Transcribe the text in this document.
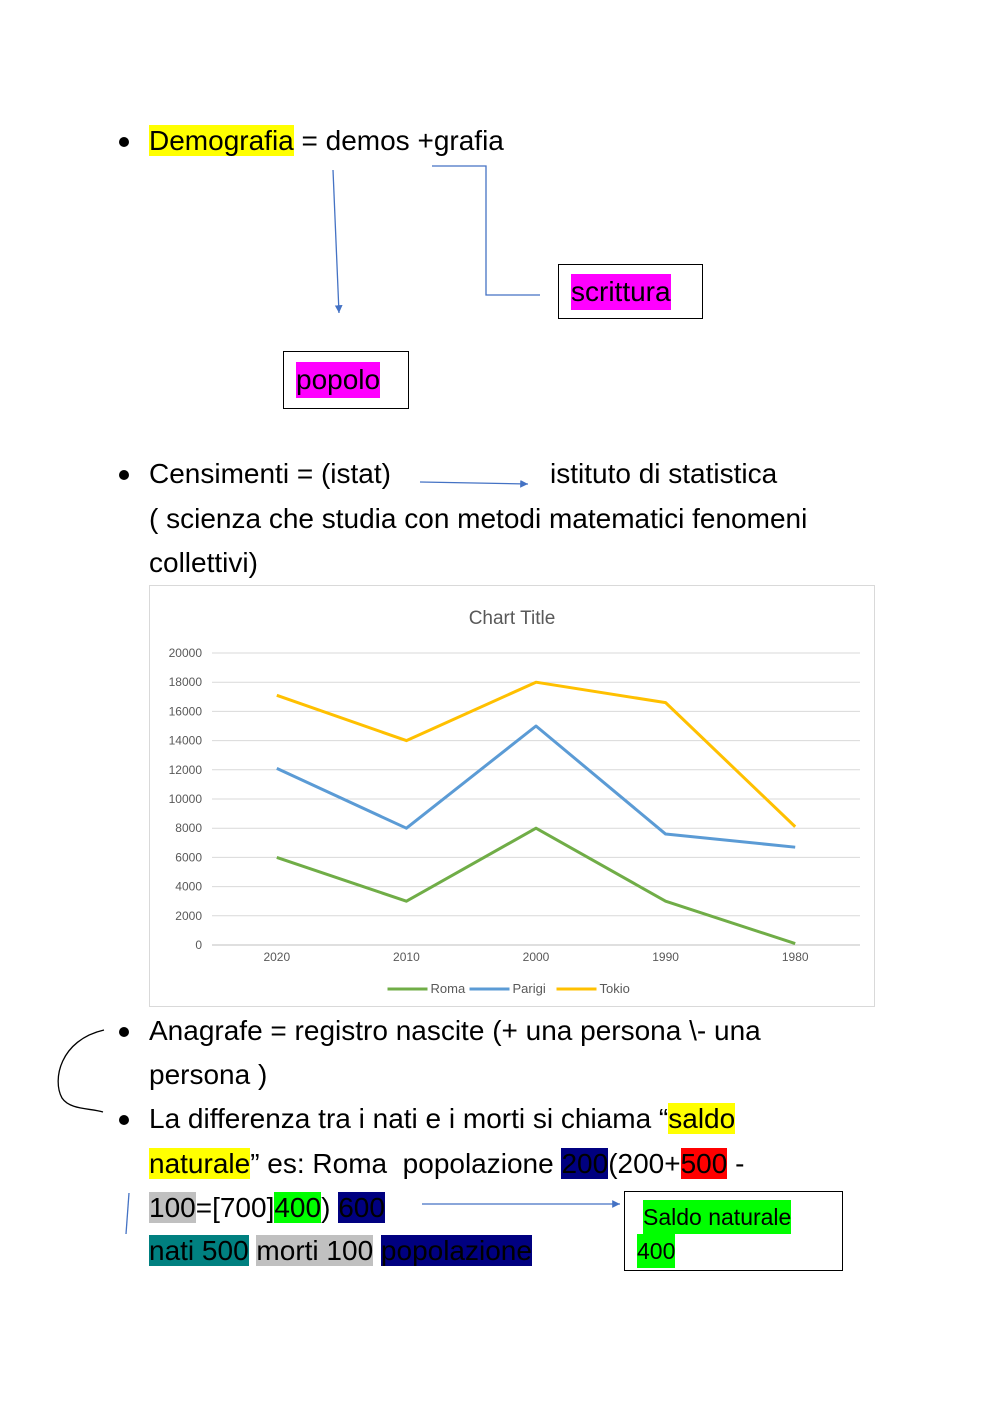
Demografia = demos +grafia
popolo
scrittura
Censimenti = (istat)	istituto di statistica
( scienza che studia con metodi matematici fenomeni
collettivi)
Chart Title
20000
18000
16000
14000
12000
10000
8000
6000
4000
2000
0
2020	2010	2000	1990	1980
Roma	Parigi	Tokio
Anagrafe = registro nascite (+ una persona \- una
persona )
La differenza tra i nati e i morti si chiama “saldo
naturale” es: Roma  popolazione 200(200+500 -
100=[700]400) 600
nati 500 morti 100 popolazione
Saldo naturale
400
